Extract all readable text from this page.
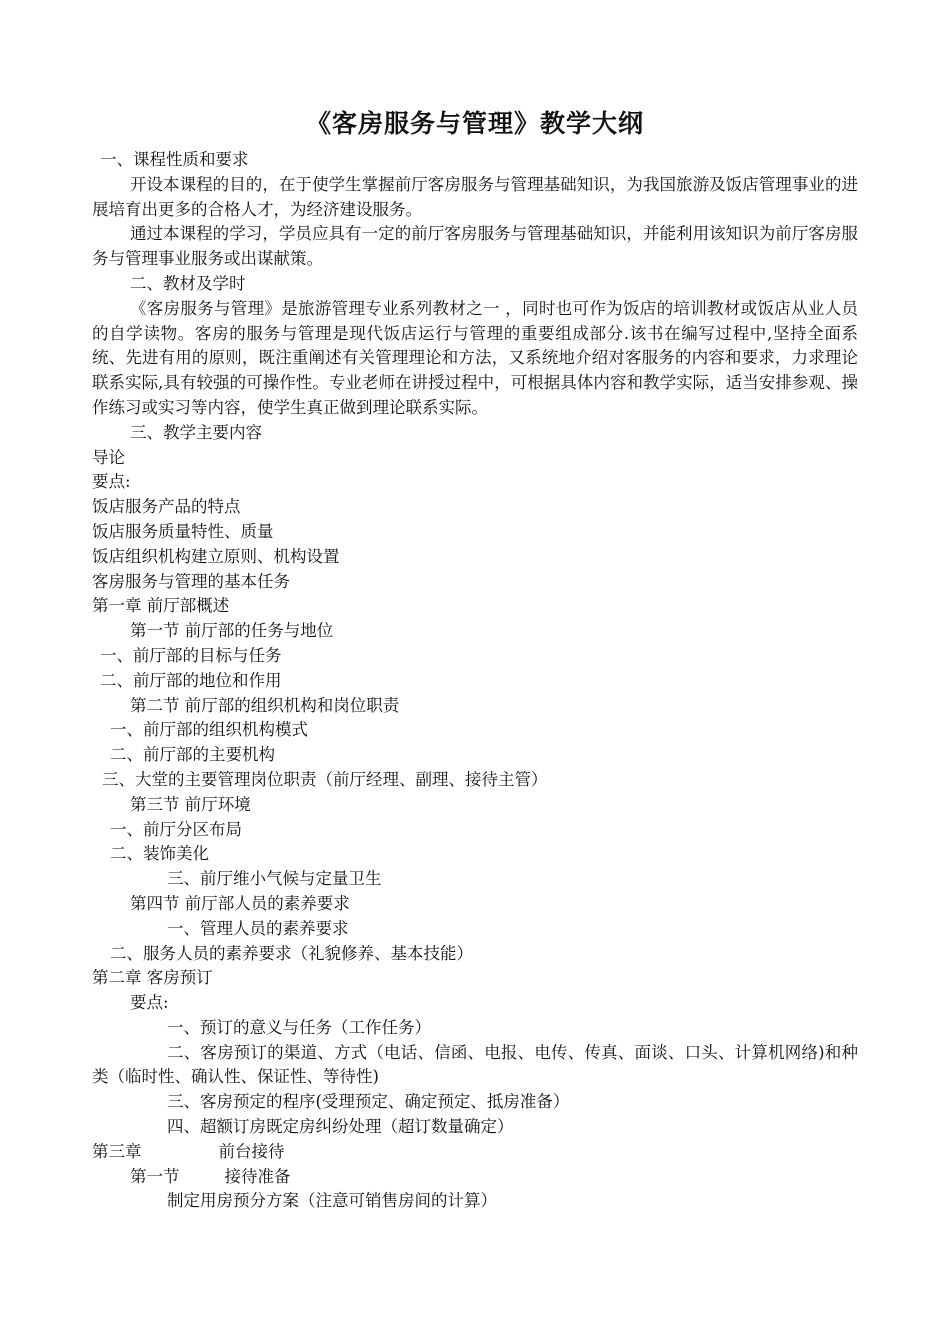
《客房服务与管理》教学大纲
一、课程性质和要求
开设本课程的目的，在于使学生掌握前厅客房服务与管理基础知识，为我国旅游及饭店管理事业的进展培育出更多的合格人才，为经济建设服务。
通过本课程的学习，学员应具有一定的前厅客房服务与管理基础知识，并能利用该知识为前厅客房服务与管理事业服务或出谋献策。
二、教材及学时
《客房服务与管理》是旅游管理专业系列教材之一 ，同时也可作为饭店的培训教材或饭店从业人员的自学读物。客房的服务与管理是现代饭店运行与管理的重要组成部分.该书在编写过程中,坚持全面系统、先进有用的原则，既注重阐述有关管理理论和方法，又系统地介绍对客服务的内容和要求，力求理论联系实际,具有较强的可操作性。专业老师在讲授过程中，可根据具体内容和教学实际，适当安排参观、操作练习或实习等内容，使学生真正做到理论联系实际。
三、教学主要内容
导论
要点:
饭店服务产品的特点
饭店服务质量特性、质量
饭店组织机构建立原则、机构设置
客房服务与管理的基本任务
第一章 前厅部概述
第一节 前厅部的任务与地位
一、前厅部的目标与任务
二、前厅部的地位和作用
第二节 前厅部的组织机构和岗位职责
一、前厅部的组织机构模式
二、前厅部的主要机构
三、大堂的主要管理岗位职责（前厅经理、副理、接待主管）
第三节 前厅环境
一、前厅分区布局
二、装饰美化
三、前厅维小气候与定量卫生
第四节 前厅部人员的素养要求
一、管理人员的素养要求
二、服务人员的素养要求（礼貌修养、基本技能）
第二章 客房预订
要点:
一、预订的意义与任务（工作任务）
二、客房预订的渠道、方式（电话、信函、电报、电传、传真、面谈、口头、计算机网络)和种类（临时性、确认性、保证性、等待性)
三、客房预定的程序(受理预定、确定预定、抵房准备）
四、超额订房既定房纠纷处理（超订数量确定）
第三章	前台接待
第一节	接待准备
制定用房预分方案（注意可销售房间的计算）
